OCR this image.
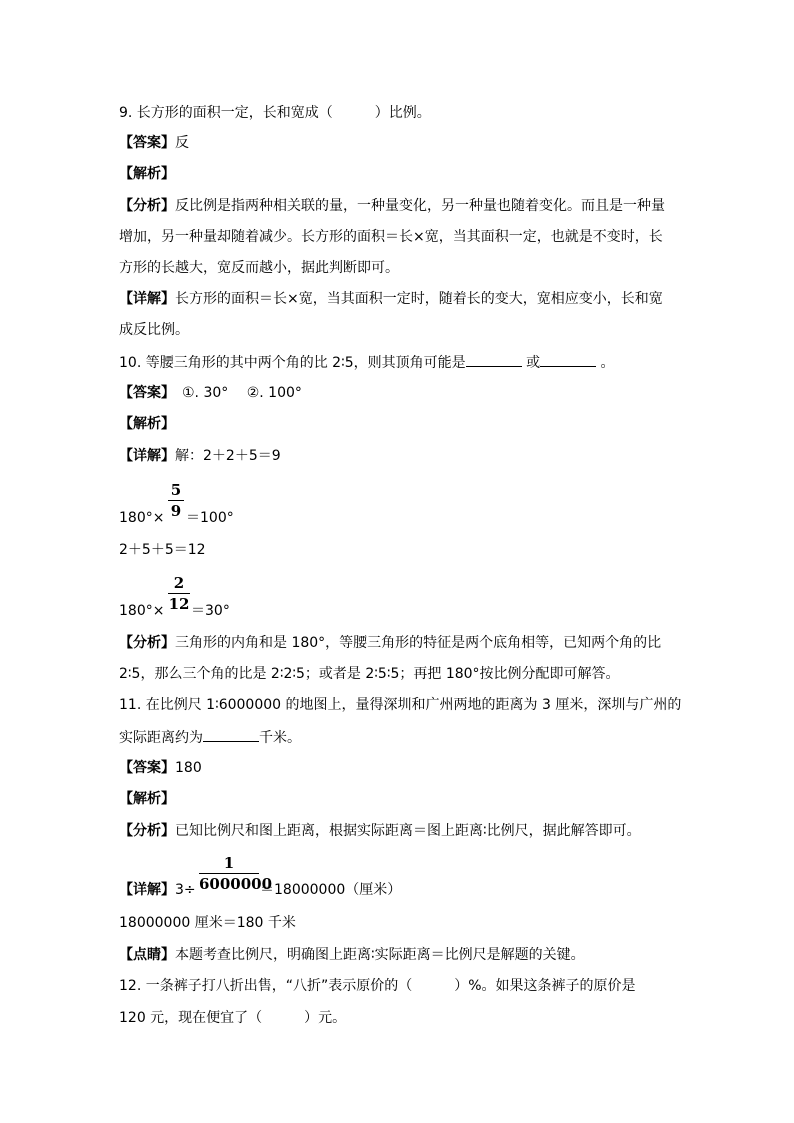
9. 长方形的面积一定，长和宽成（　　　）比例。
【答案】反
【解析】
【分析】反比例是指两种相关联的量，一种量变化，另一种量也随着变化。而且是一种量
增加，另一种量却随着减少。长方形的面积＝长×宽，当其面积一定，也就是不变时，长
方形的长越大，宽反而越小，据此判断即可。
【详解】长方形的面积＝长×宽，当其面积一定时，随着长的变大，宽相应变小，长和宽
成反比例。
10. 等腰三角形的其中两个角的比 2∶5，则其顶角可能是	或	。
【答案】　①. 30°　 ②. 100°
【解析】
【详解】解：2＋2＋5＝9
180°×
5
9 ＝100°
2＋5＋5＝12
180°×
2
12 ＝30°
【分析】三角形的内角和是 180°，等腰三角形的特征是两个底角相等，已知两个角的比
2∶5，那么三个角的比是 2∶2∶5；或者是 2∶5∶5；再把 180°按比例分配即可解答。
11. 在比例尺 1∶6000000 的地图上，量得深圳和广州两地的距离为 3 厘米，深圳与广州的
实际距离约为	千米。
【答案】180
【解析】
【分析】已知比例尺和图上距离，根据实际距离＝图上距离∶比例尺，据此解答即可。
【详解】3÷
1
6000000
＝18000000（厘米）
18000000 厘米＝180 千米
【点睛】本题考查比例尺，明确图上距离∶实际距离＝比例尺是解题的关键。
12. 一条裤子打八折出售，“八折”表示原价的（　　　）%。如果这条裤子的原价是
120 元，现在便宜了（　　　）元。
